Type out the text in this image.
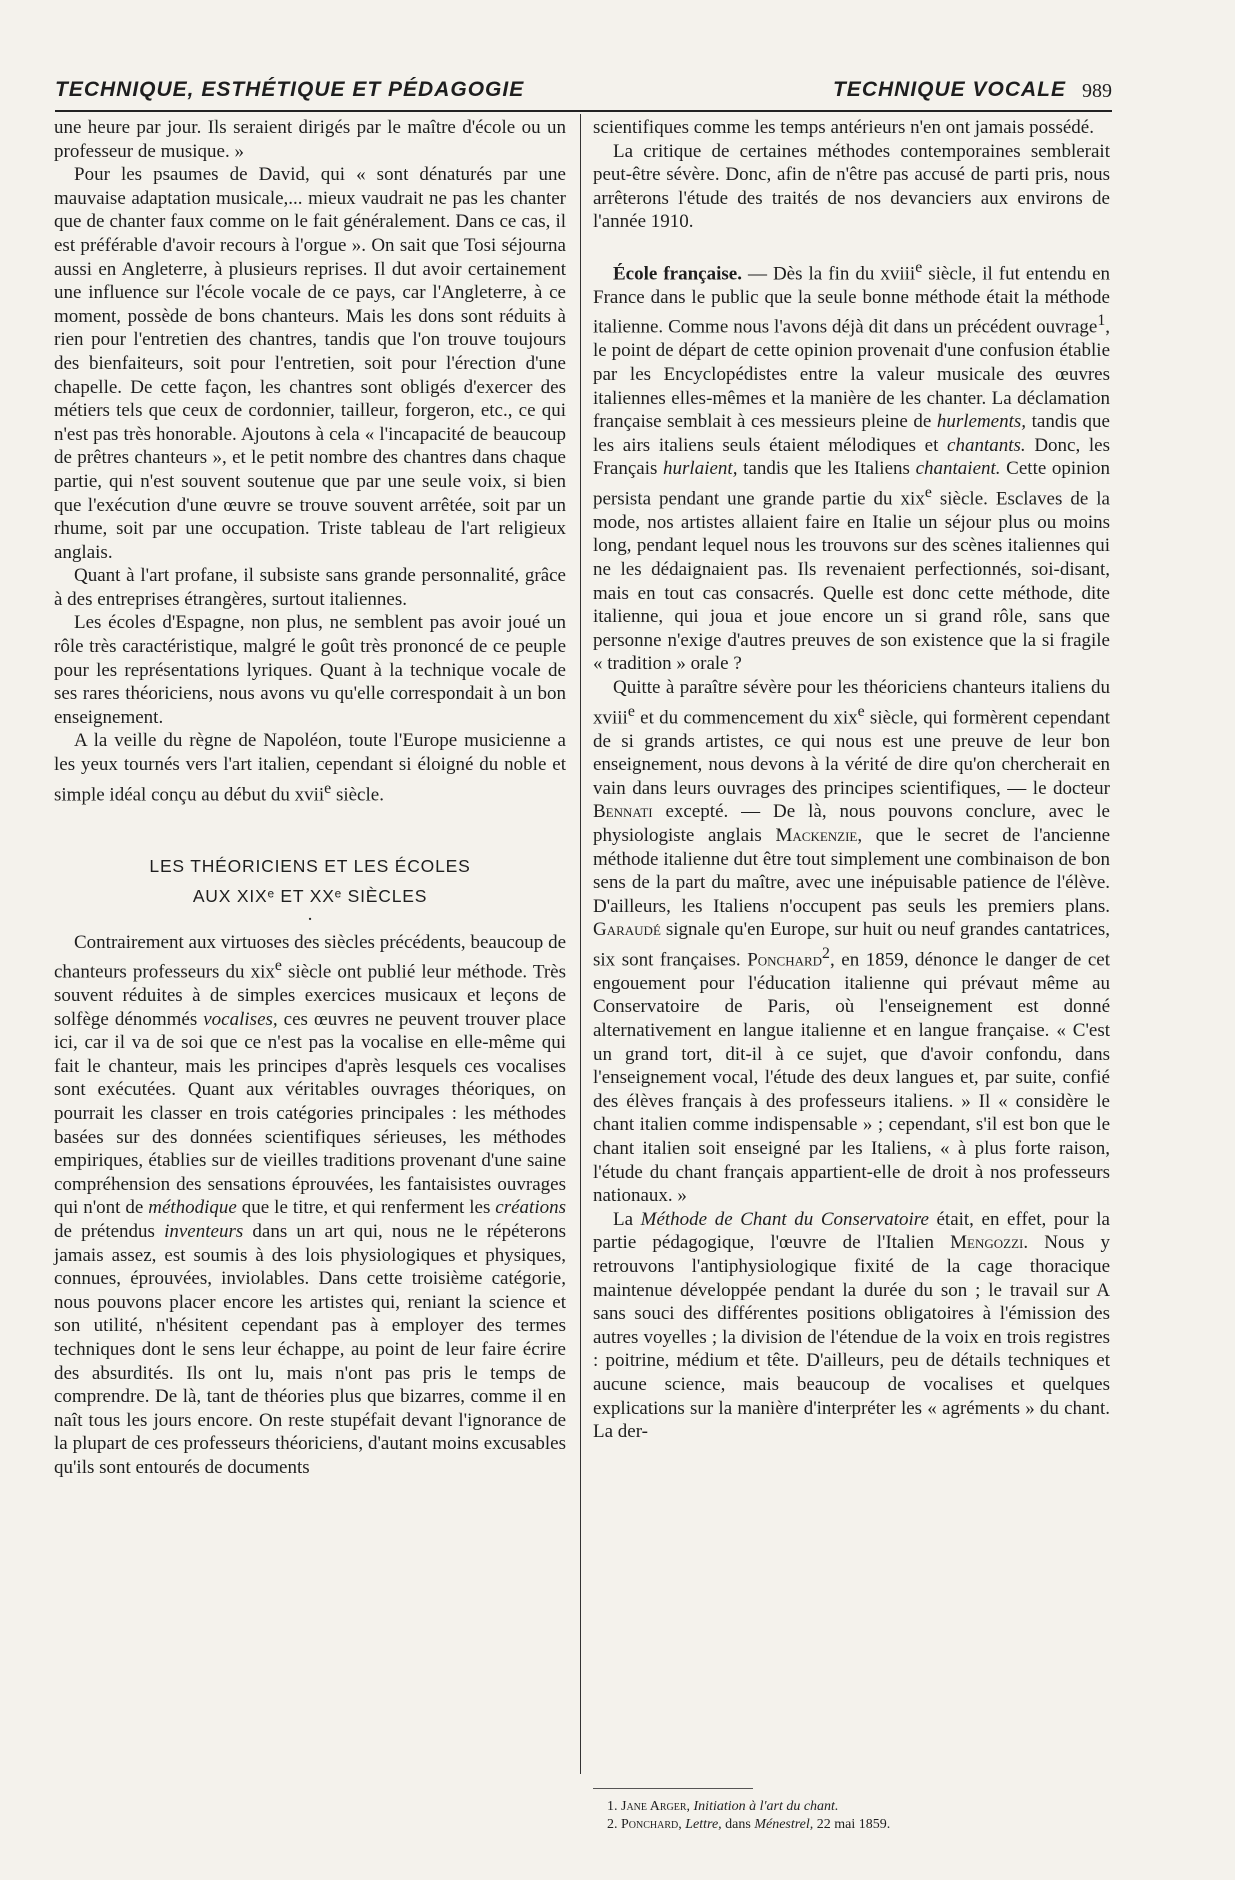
TECHNIQUE, ESTHÉTIQUE ET PÉDAGOGIE	TECHNIQUE VOCALE 989

une heure par jour. Ils seraient dirigés par le maître d'école ou un professeur de musique. »

Pour les psaumes de David, qui « sont dénaturés par une mauvaise adaptation musicale,... mieux vaudrait ne pas les chanter que de chanter faux comme on le fait généralement. Dans ce cas, il est préférable d'avoir recours à l'orgue ». On sait que Tosi séjourna aussi en Angleterre, à plusieurs reprises. Il dut avoir certainement une influence sur l'école vocale de ce pays, car l'Angleterre, à ce moment, possède de bons chanteurs. Mais les dons sont réduits à rien pour l'entretien des chantres, tandis que l'on trouve toujours des bienfaiteurs, soit pour l'entretien, soit pour l'érection d'une chapelle. De cette façon, les chantres sont obligés d'exercer des métiers tels que ceux de cordonnier, tailleur, forgeron, etc., ce qui n'est pas très honorable. Ajoutons à cela « l'incapacité de beaucoup de prêtres chanteurs », et le petit nombre des chantres dans chaque partie, qui n'est souvent soutenue que par une seule voix, si bien que l'exécution d'une œuvre se trouve souvent arrêtée, soit par un rhume, soit par une occupation. Triste tableau de l'art religieux anglais.

Quant à l'art profane, il subsiste sans grande personnalité, grâce à des entreprises étrangères, surtout italiennes.

Les écoles d'Espagne, non plus, ne semblent pas avoir joué un rôle très caractéristique, malgré le goût très prononcé de ce peuple pour les représentations lyriques. Quant à la technique vocale de ses rares théoriciens, nous avons vu qu'elle correspondait à un bon enseignement.

A la veille du règne de Napoléon, toute l'Europe musicienne a les yeux tournés vers l'art italien, cependant si éloigné du noble et simple idéal conçu au début du xvii$^e$ siècle.

LES THÉORICIENS ET LES ÉCOLES
AUX XIXᵉ ET XXᵉ SIÈCLES
·

Contrairement aux virtuoses des siècles précédents, beaucoup de chanteurs professeurs du xix$^e$ siècle ont publié leur méthode. Très souvent réduites à de simples exercices musicaux et leçons de solfège dénommés vocalises, ces œuvres ne peuvent trouver place ici, car il va de soi que ce n'est pas la vocalise en elle-même qui fait le chanteur, mais les principes d'après lesquels ces vocalises sont exécutées. Quant aux véritables ouvrages théoriques, on pourrait les classer en trois catégories principales : les méthodes basées sur des données scientifiques sérieuses, les méthodes empiriques, établies sur de vieilles traditions provenant d'une saine compréhension des sensations éprouvées, les fantaisistes ouvrages qui n'ont de méthodique que le titre, et qui renferment les créations de prétendus inventeurs dans un art qui, nous ne le répéterons jamais assez, est soumis à des lois physiologiques et physiques, connues, éprouvées, inviolables. Dans cette troisième catégorie, nous pouvons placer encore les artistes qui, reniant la science et son utilité, n'hésitent cependant pas à employer des termes techniques dont le sens leur échappe, au point de leur faire écrire des absurdités. Ils ont lu, mais n'ont pas pris le temps de comprendre. De là, tant de théories plus que bizarres, comme il en naît tous les jours encore. On reste stupéfait devant l'ignorance de la plupart de ces professeurs théoriciens, d'autant moins excusables qu'ils sont entourés de documents

scientifiques comme les temps antérieurs n'en ont jamais possédé.

La critique de certaines méthodes contemporaines semblerait peut-être sévère. Donc, afin de n'être pas accusé de parti pris, nous arrêterons l'étude des traités de nos devanciers aux environs de l'année 1910.

École française. — Dès la fin du xviii$^e$ siècle, il fut entendu en France dans le public que la seule bonne méthode était la méthode italienne. Comme nous l'avons déjà dit dans un précédent ouvrage$^1$, le point de départ de cette opinion provenait d'une confusion établie par les Encyclopédistes entre la valeur musicale des œuvres italiennes elles-mêmes et la manière de les chanter. La déclamation française semblait à ces messieurs pleine de hurlements, tandis que les airs italiens seuls étaient mélodiques et chantants. Donc, les Français hurlaient, tandis que les Italiens chantaient. Cette opinion persista pendant une grande partie du xix$^e$ siècle. Esclaves de la mode, nos artistes allaient faire en Italie un séjour plus ou moins long, pendant lequel nous les trouvons sur des scènes italiennes qui ne les dédaignaient pas. Ils revenaient perfectionnés, soi-disant, mais en tout cas consacrés. Quelle est donc cette méthode, dite italienne, qui joua et joue encore un si grand rôle, sans que personne n'exige d'autres preuves de son existence que la si fragile « tradition » orale ?

Quitte à paraître sévère pour les théoriciens chanteurs italiens du xviii$^e$ et du commencement du xix$^e$ siècle, qui formèrent cependant de si grands artistes, ce qui nous est une preuve de leur bon enseignement, nous devons à la vérité de dire qu'on chercherait en vain dans leurs ouvrages des principes scientifiques, — le docteur Bennati excepté. — De là, nous pouvons conclure, avec le physiologiste anglais Mackenzie, que le secret de l'ancienne méthode italienne dut être tout simplement une combinaison de bon sens de la part du maître, avec une inépuisable patience de l'élève. D'ailleurs, les Italiens n'occupent pas seuls les premiers plans. Garaudé signale qu'en Europe, sur huit ou neuf grandes cantatrices, six sont françaises. Ponchard$^2$, en 1859, dénonce le danger de cet engouement pour l'éducation italienne qui prévaut même au Conservatoire de Paris, où l'enseignement est donné alternativement en langue italienne et en langue française. « C'est un grand tort, dit-il à ce sujet, que d'avoir confondu, dans l'enseignement vocal, l'étude des deux langues et, par suite, confié des élèves français à des professeurs italiens. » Il « considère le chant italien comme indispensable » ; cependant, s'il est bon que le chant italien soit enseigné par les Italiens, « à plus forte raison, l'étude du chant français appartient-elle de droit à nos professeurs nationaux. »

La Méthode de Chant du Conservatoire était, en effet, pour la partie pédagogique, l'œuvre de l'Italien Mengozzi. Nous y retrouvons l'antiphysiologique fixité de la cage thoracique maintenue développée pendant la durée du son ; le travail sur A sans souci des différentes positions obligatoires à l'émission des autres voyelles ; la division de l'étendue de la voix en trois registres : poitrine, médium et tête. D'ailleurs, peu de détails techniques et aucune science, mais beaucoup de vocalises et quelques explications sur la manière d'interpréter les « agréments » du chant. La der-

1. Jane Arger, Initiation à l'art du chant.
2. Ponchard, Lettre, dans Ménestrel, 22 mai 1859.
